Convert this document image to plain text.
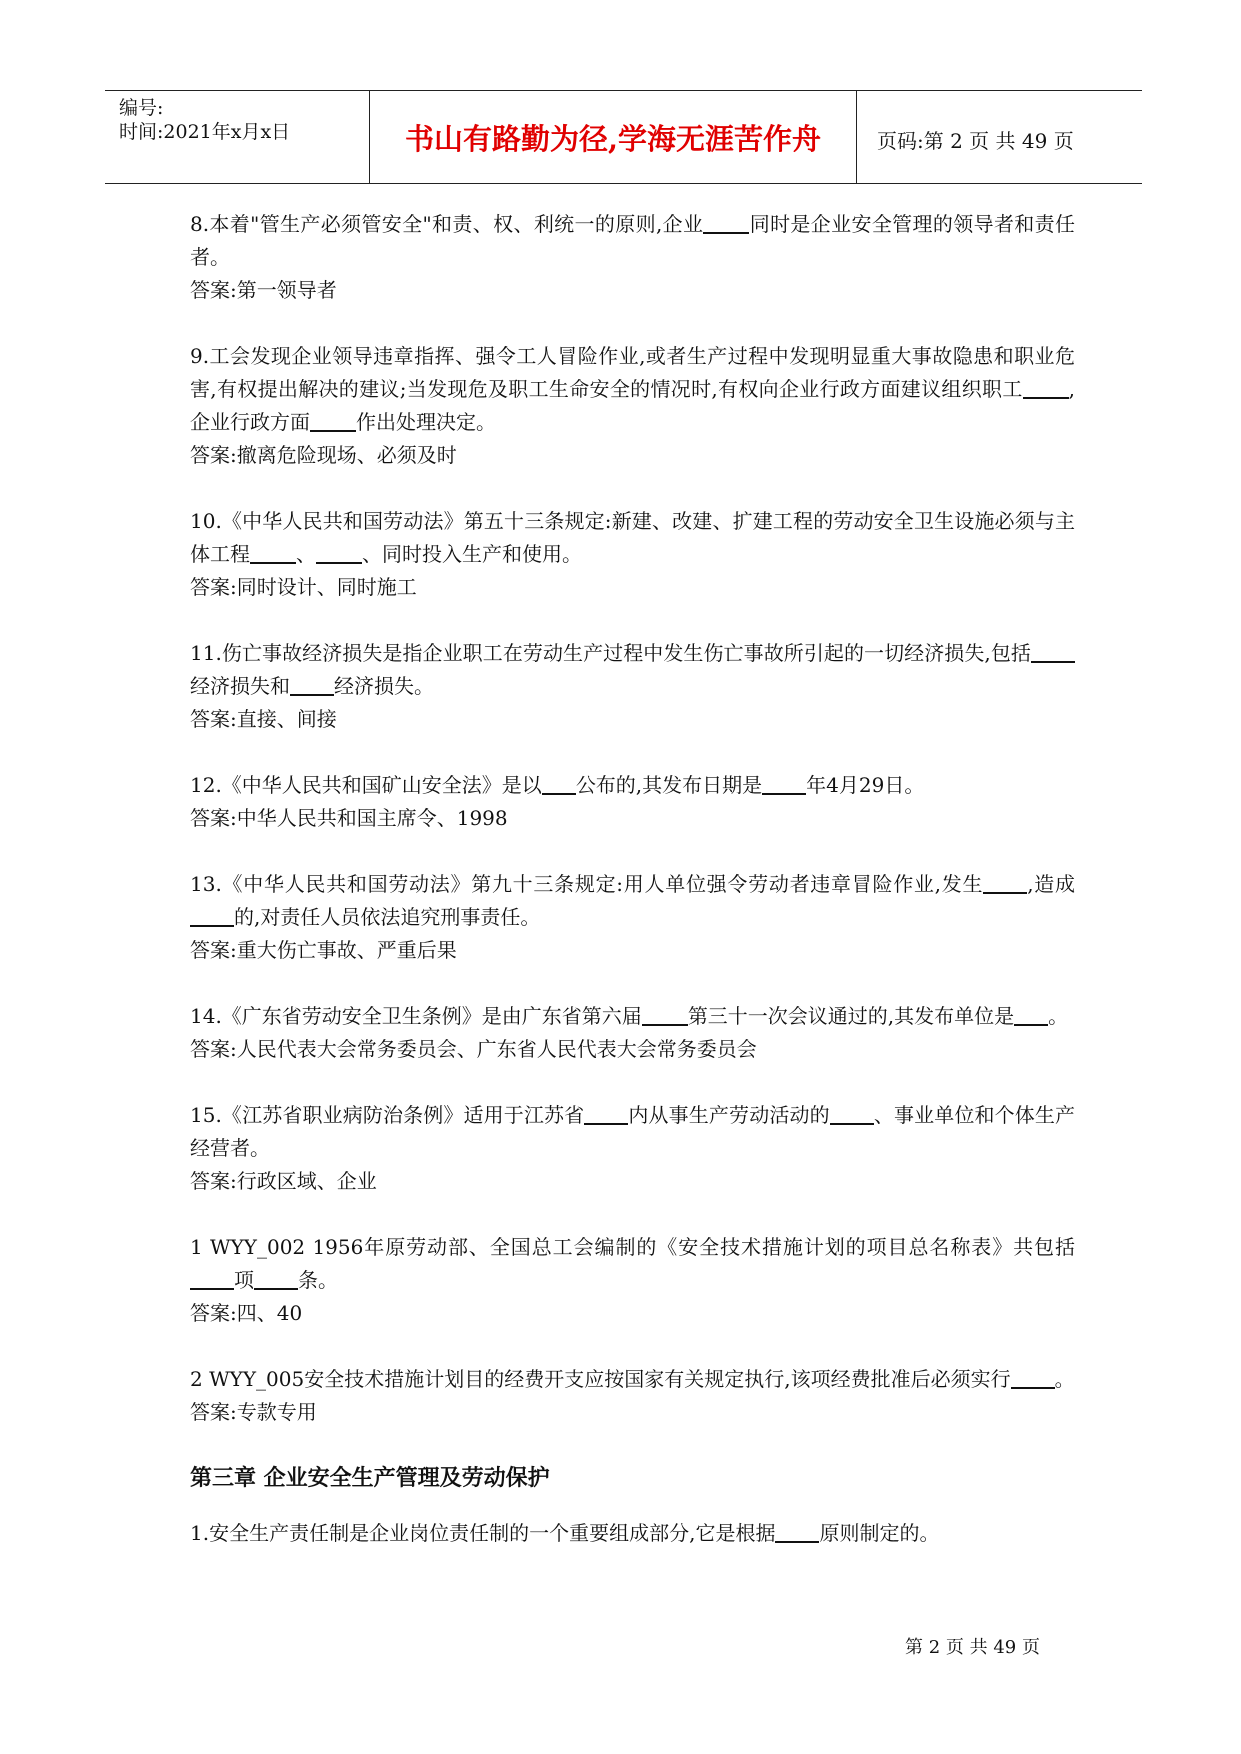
编号:
时间:2021年x月x日	书山有路勤为径,学海无涯苦作舟	页码:第 2 页 共 49 页
8.本着"管生产必须管安全"和责、权、利统一的原则,企业 同时是企业安全管理的领导者和责任者。
答案:第一领导者
9.工会发现企业领导违章指挥、强令工人冒险作业,或者生产过程中发现明显重大事故隐患和职业危害,有权提出解决的建议;当发现危及职工生命安全的情况时,有权向企业行政方面建议组织职工 ,企业行政方面 作出处理决定。
答案:撤离危险现场、必须及时
10.《中华人民共和国劳动法》第五十三条规定:新建、改建、扩建工程的劳动安全卫生设施必须与主体工程 、 、同时投入生产和使用。
答案:同时设计、同时施工
11.伤亡事故经济损失是指企业职工在劳动生产过程中发生伤亡事故所引起的一切经济损失,包括经济损失和 经济损失。
答案:直接、间接
12.《中华人民共和国矿山安全法》是以 公布的,其发布日期是 年4月29日。
答案:中华人民共和国主席令、1998
13.《中华人民共和国劳动法》第九十三条规定:用人单位强令劳动者违章冒险作业,发生 ,造成的,对责任人员依法追究刑事责任。
答案:重大伤亡事故、严重后果
14.《广东省劳动安全卫生条例》是由广东省第六届 第三十一次会议通过的,其发布单位是 。
答案:人民代表大会常务委员会、广东省人民代表大会常务委员会
15.《江苏省职业病防治条例》适用于江苏省 内从事生产劳动活动的 、事业单位和个体生产经营者。
答案:行政区域、企业
1 WYY_002 1956年原劳动部、全国总工会编制的《安全技术措施计划的项目总名称表》共包括项 条。
答案:四、40
2 WYY_005安全技术措施计划目的经费开支应按国家有关规定执行,该项经费批准后必须实行 。
答案:专款专用
第三章 企业安全生产管理及劳动保护
1.安全生产责任制是企业岗位责任制的一个重要组成部分,它是根据 原则制定的。
第 2 页 共 49 页
